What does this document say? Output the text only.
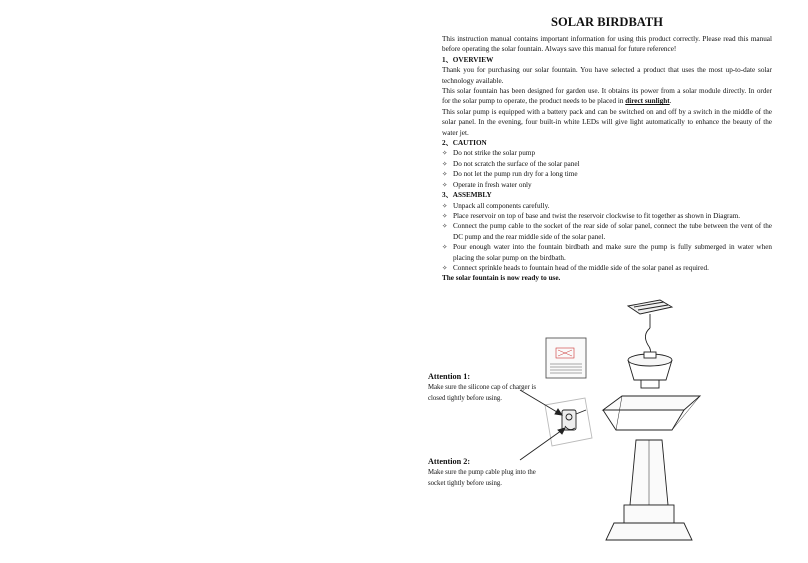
SOLAR BIRDBATH

This instruction manual contains important information for using this product correctly. Please read this manual before operating the solar fountain. Always save this manual for future reference!

1、OVERVIEW

Thank you for purchasing our solar fountain. You have selected a product that uses the most up-to-date solar technology available.

This solar fountain has been designed for garden use. It obtains its power from a solar module directly. In order for the solar pump to operate, the product needs to be placed in direct sunlight.

This solar pump is equipped with a battery pack and can be switched on and off by a switch in the middle of the solar panel. In the evening, four built-in white LEDs will give light automatically to enhance the beauty of the water jet.

2、CAUTION

✧ Do not strike the solar pump
✧ Do not scratch the surface of the solar panel
✧ Do not let the pump run dry for a long time
✧ Operate in fresh water only

3、ASSEMBLY

✧ Unpack all components carefully.
✧ Place reservoir on top of base and twist the reservoir clockwise to fit together as shown in Diagram.
✧ Connect the pump cable to the socket of the rear side of solar panel, connect the tube between the vent of the DC pump and the rear middle side of the solar panel.
✧ Pour enough water into the fountain birdbath and make sure the pump is fully submerged in water when placing the solar pump on the birdbath.
✧ Connect sprinkle heads to fountain head of the middle side of the solar panel as required.

The solar fountain is now ready to use.

Attention 1:
Make sure the silicone cap of charger is closed tightly before using.
Attention 2:
Make sure the pump cable plug into the socket tightly before using.
